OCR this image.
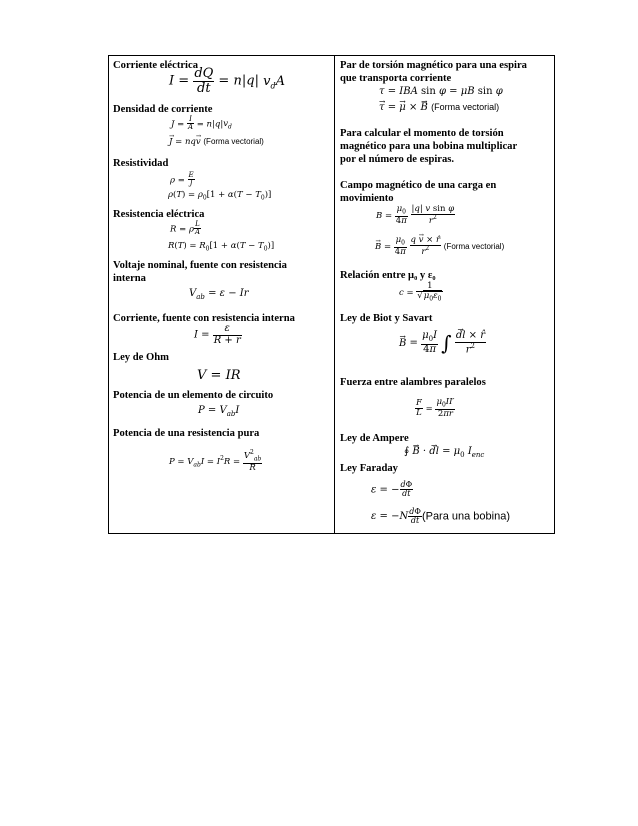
Corriente eléctrica
$I = \frac{dQ}{dt} = n|q|$ $v_dA$
Densidad de corriente
$J = \frac{I}{A} = n|q|v_d$
→ J = nq→ v (Forma vectorial)
Resistividad
$\rho = \frac{E}{J}$
$\rho(T) = \rho_0[1 + \alpha(T - T_0)]$
Resistencia eléctrica
R = ρ $\frac{L}{A}$
$R(T) = R_0[1 + \alpha(T - T_0)]$
Voltaje nominal, fuente con resistencia
interna
$V_{ab} = \varepsilon - Ir$
Corriente, fuente con resistencia interna
$I = \frac{\varepsilon}{R + r}$
Ley de Ohm
V = IR
Potencia de un elemento de circuito
$P = V_{ab}I$
Potencia de una resistencia pura
$P = V_{ab}I = I^2R = \frac{V^2_{ab}}{R}$
Par de torsión magnético para una espira
que transporta corriente
τ = IBA sin φ = μB sin φ
→ τ = → μ × → B (Forma vectorial)
Para calcular el momento de torsión
magnético para una bobina multiplicar
por el número de espiras.
Campo magnético de una carga en
movimiento
$B = \frac{\mu_0}{4\pi}$
$\frac{\text{|q| v sin φ}}{r^2}$
→ $B = \frac{\mu_0}{4\pi}$
$\frac{q \to v \times r̂}{r^2}$ (Forma vectorial)
Relación entre μ₀ y ε₀
$c = \frac{1}{√\mu_0\varepsilon_0}$
Ley de Biot y Savart
→ $B = \frac{\mu_0I}{4\pi}$ ∫ → $\frac{dl \times r̂}{r^2}$
Fuerza entre alambres paralelos
$\frac{F}{L} = \frac{\mu_0II'}{2\pi r}$
Ley de Ampere
∮ → B · → dl = $\mu_0$ $I_{enc}$
Ley Faraday
ε = − $\frac{d\Phi}{dt}$
$\varepsilon = -N \frac{d\Phi}{dt}$ (Para una bobina)
